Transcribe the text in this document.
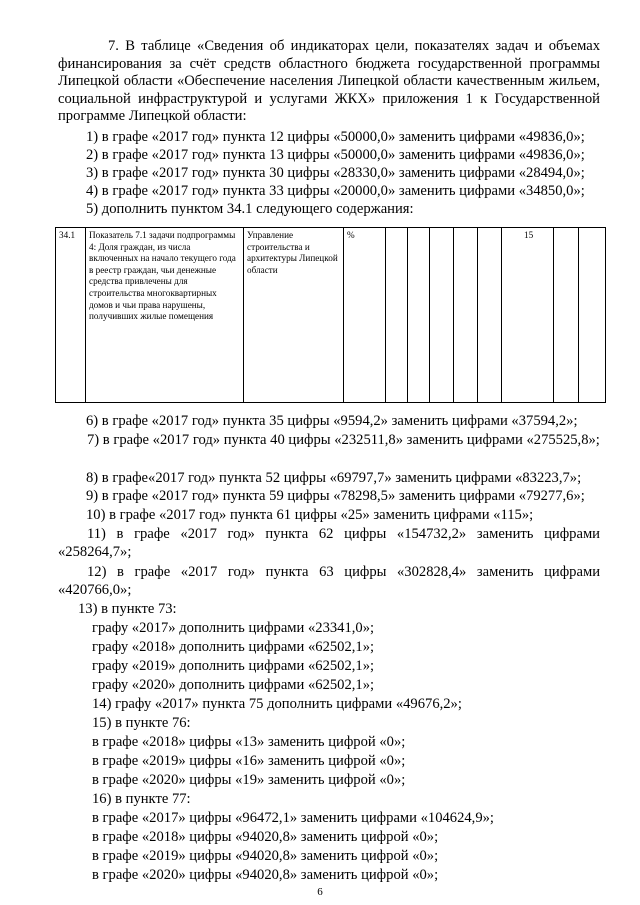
7. В таблице «Сведения об индикаторах цели, показателях задач и объемах финансирования за счёт средств областного бюджета государственной программы Липецкой области «Обеспечение населения Липецкой области качественным жильем, социальной инфраструктурой и услугами ЖКХ» приложения 1 к Государственной программе Липецкой области:

1) в графе «2017 год» пункта 12 цифры «50000,0» заменить цифрами «49836,0»;

2) в графе «2017 год» пункта 13 цифры «50000,0» заменить цифрами «49836,0»;

3) в графе «2017 год» пункта 30 цифры «28330,0» заменить цифрами «28494,0»;

4) в графе «2017 год» пункта 33 цифры «20000,0» заменить цифрами «34850,0»;

5) дополнить пунктом 34.1 следующего содержания:

34.1	Показатель 7.1 задачи подпрограммы 4: Доля граждан, из числа включенных на начало текущего года в реестр граждан, чьи денежные средства привлечены для строительства многоквартирных домов и чьи права нарушены, получивших жилые помещения	Управление строительства и архитектуры Липецкой области	%						15		

6) в графе «2017 год» пункта 35 цифры «9594,2» заменить цифрами «37594,2»;

7) в графе «2017 год» пункта 40 цифры «232511,8» заменить цифрами «275525,8»;

8) в графе«2017 год» пункта 52 цифры «69797,7» заменить цифрами «83223,7»;

9) в графе «2017 год» пункта 59 цифры «78298,5» заменить цифрами «79277,6»;

10) в графе «2017 год» пункта 61 цифры «25» заменить цифрами «115»;

11) в графе «2017 год» пункта 62 цифры «154732,2» заменить цифрами «258264,7»;

12) в графе «2017 год» пункта 63 цифры «302828,4» заменить цифрами «420766,0»;

13) в пункте 73:

графу «2017» дополнить цифрами «23341,0»;

графу «2018» дополнить цифрами «62502,1»;

графу «2019» дополнить цифрами «62502,1»;

графу «2020» дополнить цифрами «62502,1»;

14) графу «2017» пункта 75 дополнить цифрами «49676,2»;

15) в пункте 76:

в графе «2018» цифры «13» заменить цифрой «0»;

в графе «2019» цифры «16» заменить цифрой «0»;

в графе «2020» цифры «19» заменить цифрой «0»;

16) в пункте 77:

в графе «2017» цифры «96472,1» заменить цифрами «104624,9»;

в графе «2018» цифры «94020,8» заменить цифрой «0»;

в графе «2019» цифры «94020,8» заменить цифрой «0»;

в графе «2020» цифры «94020,8» заменить цифрой «0»;

6
